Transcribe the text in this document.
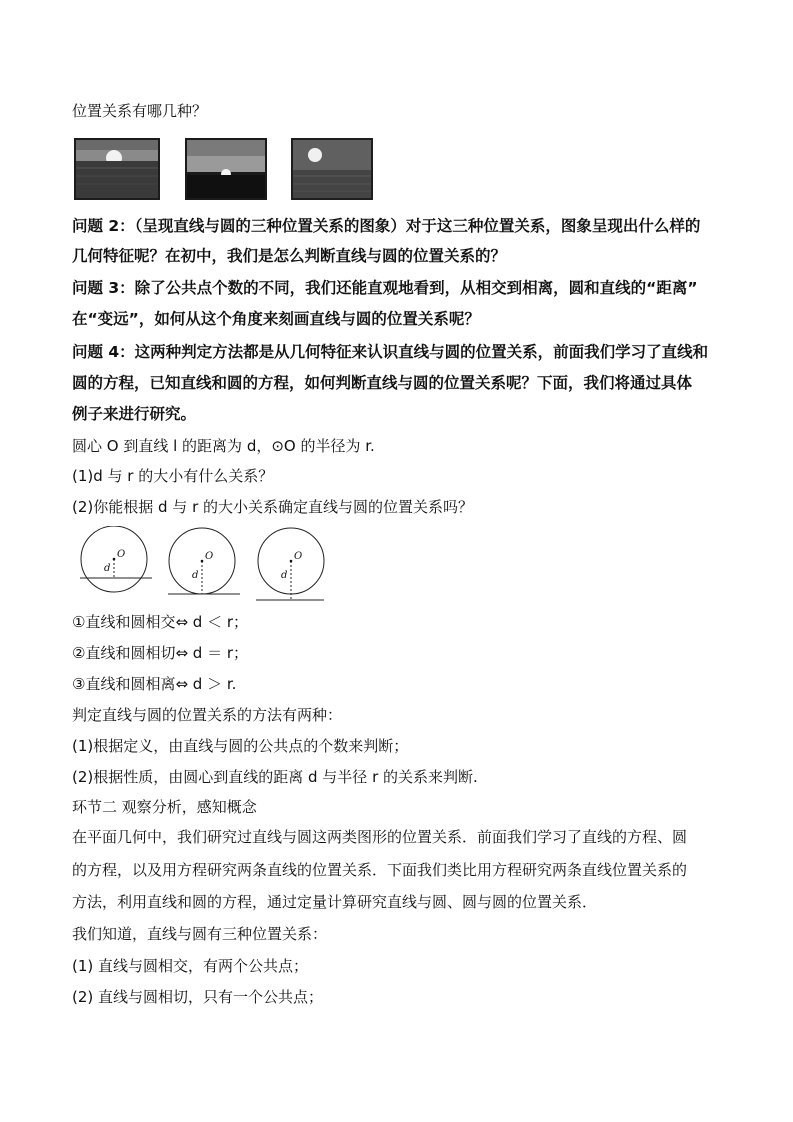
位置关系有哪几种？
问题 2：（呈现直线与圆的三种位置关系的图象）对于这三种位置关系，图象呈现出什么样的
几何特征呢？在初中，我们是怎么判断直线与圆的位置关系的？
问题 3：除了公共点个数的不同，我们还能直观地看到，从相交到相离，圆和直线的“距离”
在“变远”，如何从这个角度来刻画直线与圆的位置关系呢？
问题 4：这两种判定方法都是从几何特征来认识直线与圆的位置关系，前面我们学习了直线和
圆的方程，已知直线和圆的方程，如何判断直线与圆的位置关系呢？下面，我们将通过具体
例子来进行研究。
圆心 O 到直线 l 的距离为 d，⊙O 的半径为 r.
(1)d 与 r 的大小有什么关系？
(2)你能根据 d 与 r 的大小关系确定直线与圆的位置关系吗？
O
d
O
d
O
d
①直线和圆相交⇔ d ＜ r；
②直线和圆相切⇔ d ＝ r；
③直线和圆相离⇔ d ＞ r.
判定直线与圆的位置关系的方法有两种：
(1)根据定义，由直线与圆的公共点的个数来判断；
(2)根据性质，由圆心到直线的距离 d 与半径 r 的关系来判断.
环节二 观察分析，感知概念
在平面几何中，我们研究过直线与圆这两类图形的位置关系．前面我们学习了直线的方程、圆
的方程，以及用方程研究两条直线的位置关系．下面我们类比用方程研究两条直线位置关系的
方法，利用直线和圆的方程，通过定量计算研究直线与圆、圆与圆的位置关系．
我们知道，直线与圆有三种位置关系：
(1) 直线与圆相交，有两个公共点；
(2) 直线与圆相切，只有一个公共点；
